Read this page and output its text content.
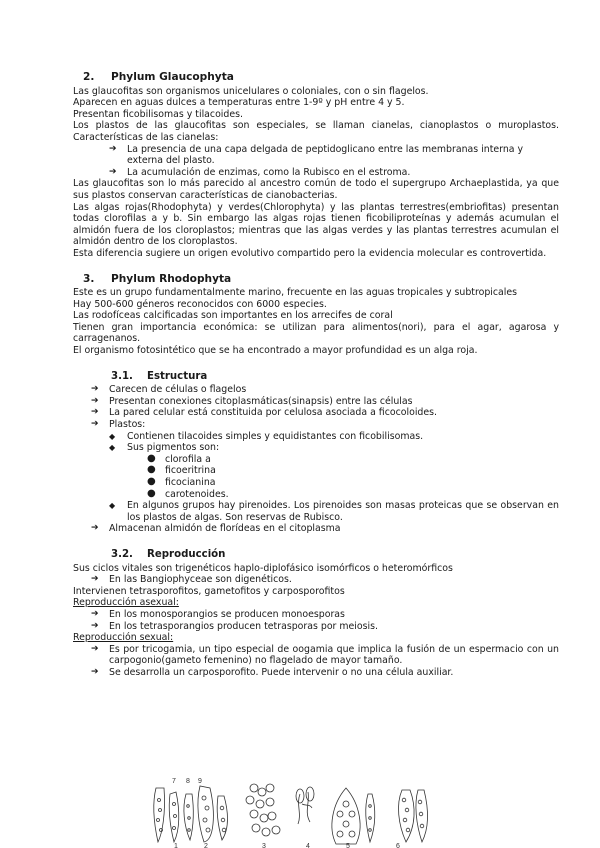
2. Phylum Glaucophyta

Las glaucofitas son organismos unicelulares o coloniales, con o sin flagelos.

Aparecen en aguas dulces a temperaturas entre 1-9º y pH entre 4 y 5.

Presentan ficobilisomas y tilacoides.

Los plastos de las glaucofitas son especiales, se llaman cianelas, cianoplastos o muroplastos. Características de las cianelas:

➔ La presencia de una capa delgada de peptidoglicano entre las membranas interna y externa del plasto.
➔ La acumulación de enzimas, como la Rubisco en el estroma.

Las glaucofitas son lo más parecido al ancestro común de todo el supergrupo Archaeplastida, ya que sus plastos conservan características de cianobacterias.

Las algas rojas(Rhodophyta) y verdes(Chlorophyta) y las plantas terrestres(embriofitas) presentan todas clorofilas a y b. Sin embargo las algas rojas tienen ficobiliproteínas y además acumulan el almidón fuera de los cloroplastos; mientras que las algas verdes y las plantas terrestres acumulan el almidón dentro de los cloroplastos.

Esta diferencia sugiere un origen evolutivo compartido pero la evidencia molecular es controvertida.

3. Phylum Rhodophyta

Este es un grupo fundamentalmente marino, frecuente en las aguas tropicales y subtropicales

Hay 500-600 géneros reconocidos con 6000 especies.

Las rodofíceas calcificadas son importantes en los arrecifes de coral

Tienen gran importancia económica: se utilizan para alimentos(nori), para el agar, agarosa y carragenanos.

El organismo fotosintético que se ha encontrado a mayor profundidad es un alga roja.

3.1. Estructura
➔ Carecen de células o flagelos
➔ Presentan conexiones citoplasmáticas(sinapsis) entre las células
➔ La pared celular está constituida por celulosa asociada a ficocoloides.
➔ Plastos:
◆ Contienen tilacoides simples y equidistantes con ficobilisomas.
◆ Sus pigmentos son:
● clorofila a
● ficoeritrina
● ficocianina
● carotenoides.
◆ En algunos grupos hay pirenoides. Los pirenoides son masas proteicas que se observan en los plastos de algas. Son reservas de Rubisco.
➔ Almacenan almidón de florídeas en el citoplasma
3.2. Reproducción

Sus ciclos vitales son trigenéticos haplo-diplofásico isomórficos o heteromórficos

➔ En las Bangiophyceae son digenéticos.

Intervienen tetrasporofitos, gametofitos y carposporofitos

Reproducción asexual:

➔ En los monosporangios se producen monoesporas
➔ En los tetrasporangios producen tetrasporas por meiosis.

Reproducción sexual:

➔ Es por tricogamia, un tipo especial de oogamia que implica la fusión de un espermacio con un carpogonio(gameto femenino) no flagelado de mayor tamaño.
➔ Se desarrolla un carposporofito. Puede intervenir o no una célula auxiliar.
7 8 9
1	2	3	4	5	6
